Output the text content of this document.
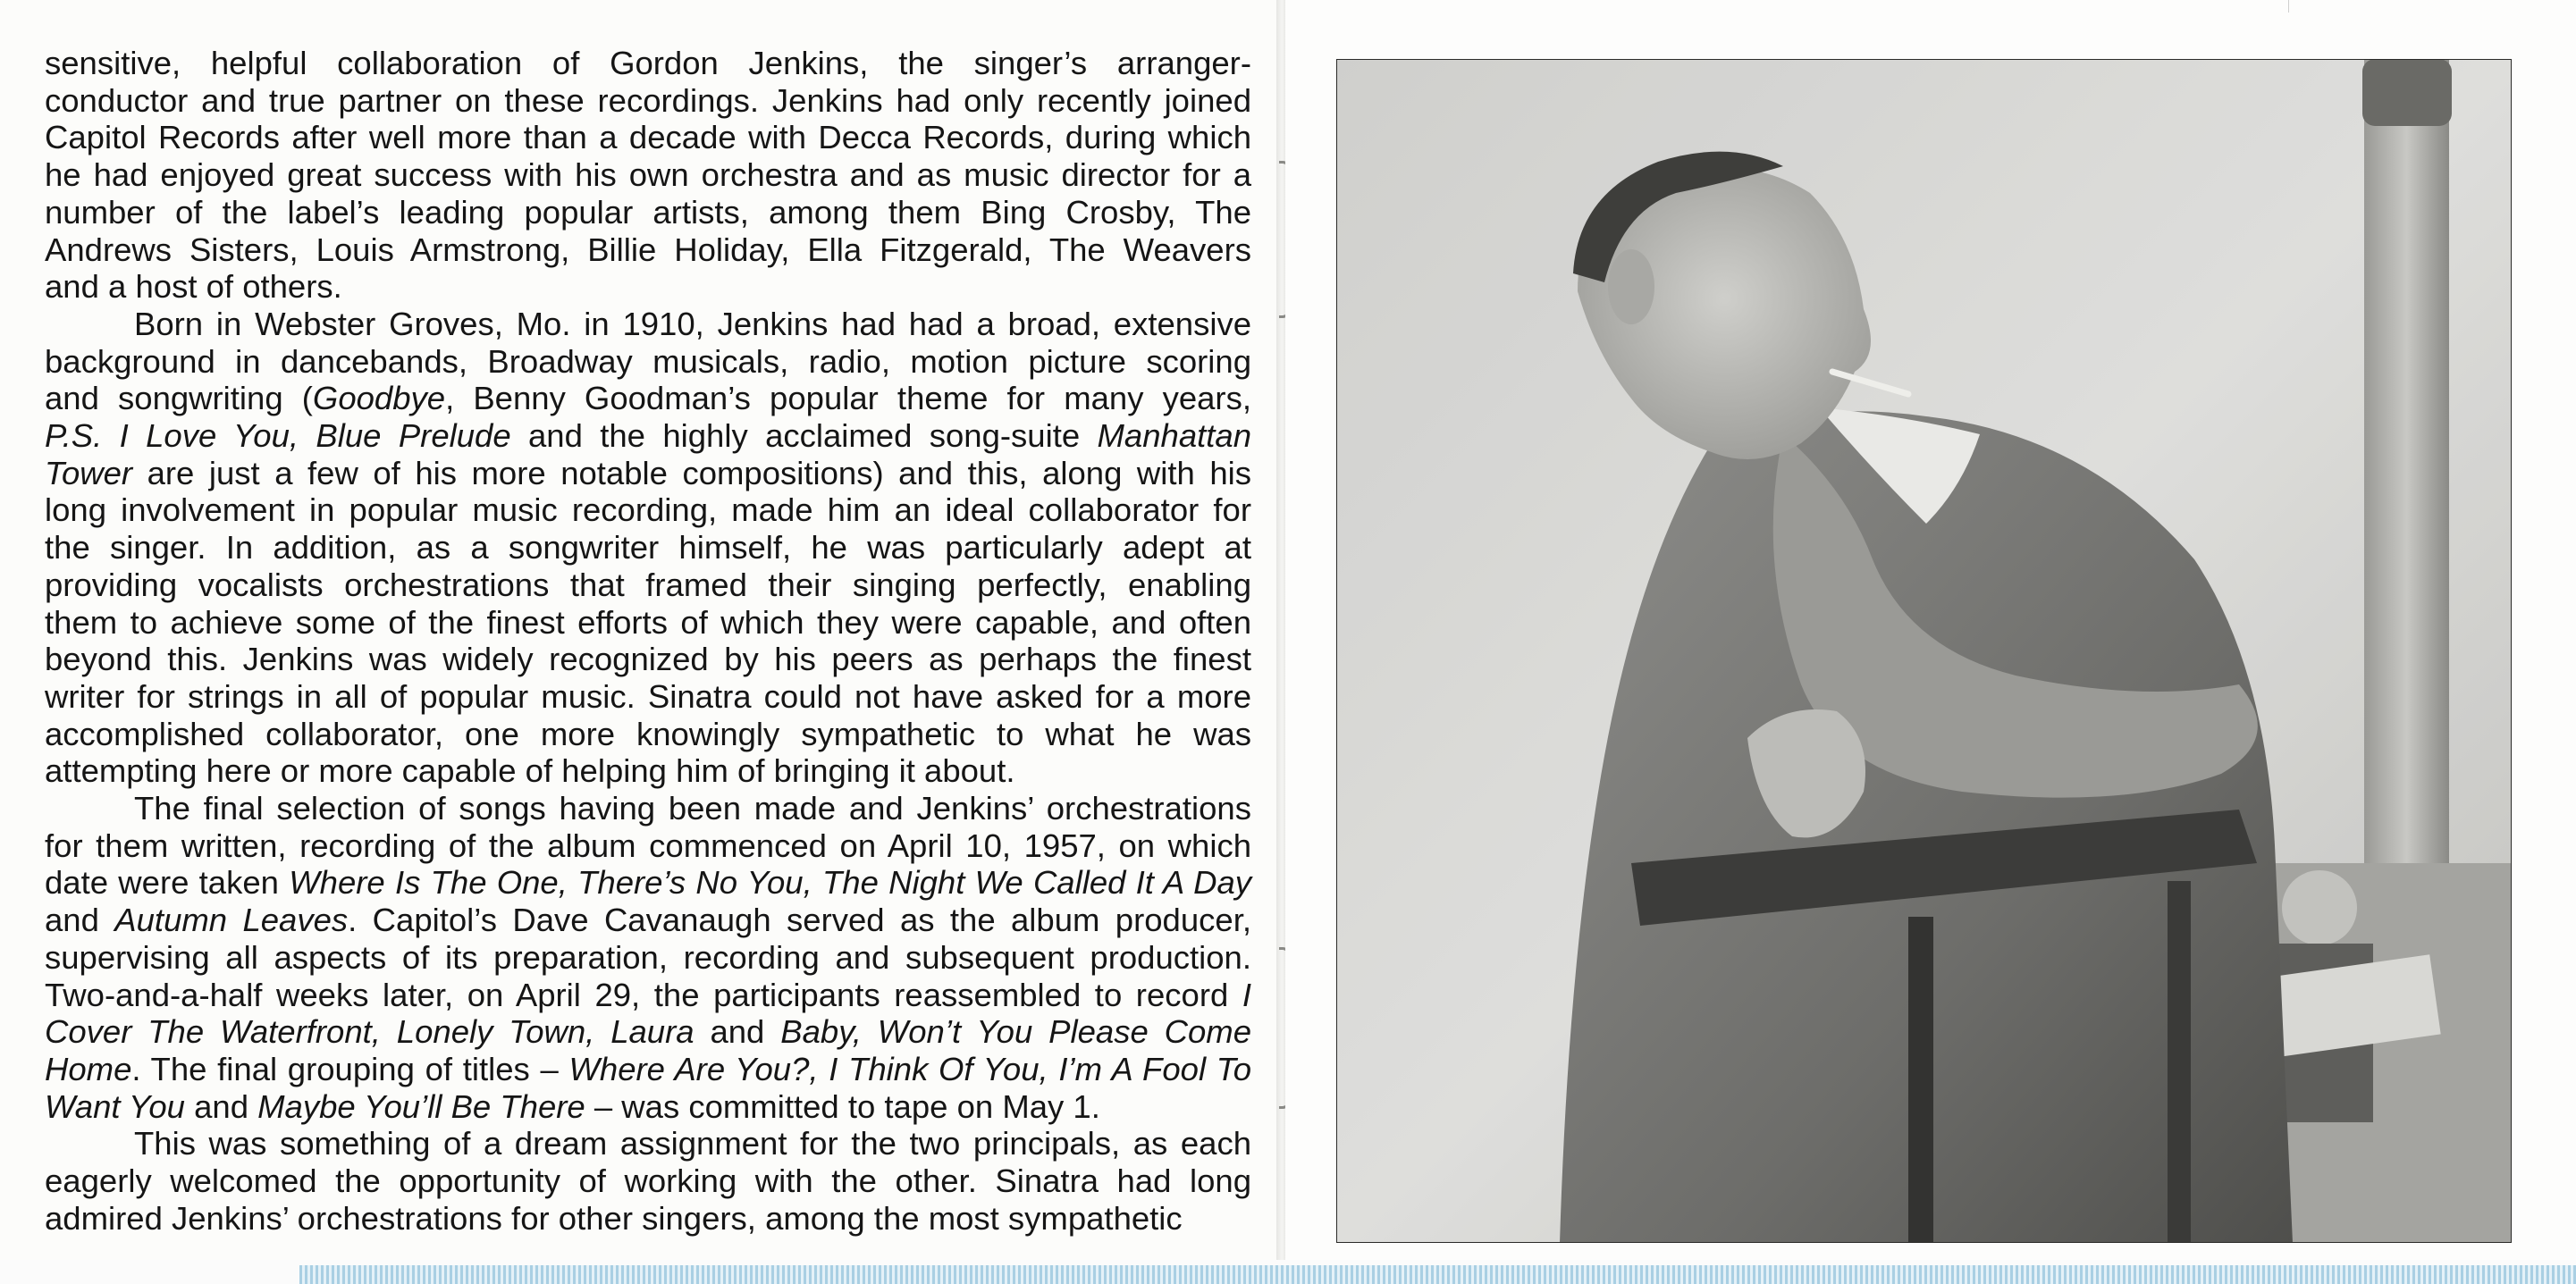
sensitive, helpful collaboration of Gordon Jenkins, the singer’s arranger-
conductor and true partner on these recordings. Jenkins had only recently joined
Capitol Records after well more than a decade with Decca Records, during which
he had enjoyed great success with his own orchestra and as music director for a
number of the label’s leading popular artists, among them Bing Crosby, The
Andrews Sisters, Louis Armstrong, Billie Holiday, Ella Fitzgerald, The Weavers
and a host of others.
Born in Webster Groves, Mo. in 1910, Jenkins had had a broad, extensive
background in dancebands, Broadway musicals, radio, motion picture scoring
and songwriting (Goodbye, Benny Goodman’s popular theme for many years,
P.S. I Love You, Blue Prelude and the highly acclaimed song-suite Manhattan
Tower are just a few of his more notable compositions) and this, along with his
long involvement in popular music recording, made him an ideal collaborator for
the singer. In addition, as a songwriter himself, he was particularly adept at
providing vocalists orchestrations that framed their singing perfectly, enabling
them to achieve some of the finest efforts of which they were capable, and often
beyond this. Jenkins was widely recognized by his peers as perhaps the finest
writer for strings in all of popular music. Sinatra could not have asked for a more
accomplished collaborator, one more knowingly sympathetic to what he was
attempting here or more capable of helping him of bringing it about.
The final selection of songs having been made and Jenkins’ orchestrations
for them written, recording of the album commenced on April 10, 1957, on which
date were taken Where Is The One, There’s No You, The Night We Called It A Day
and Autumn Leaves. Capitol’s Dave Cavanaugh served as the album producer,
supervising all aspects of its preparation, recording and subsequent production.
Two-and-a-half weeks later, on April 29, the participants reassembled to record I
Cover The Waterfront, Lonely Town, Laura and Baby, Won’t You Please Come
Home. The final grouping of titles – Where Are You?, I Think Of You, I’m A Fool To
Want You and Maybe You’ll Be There – was committed to tape on May 1.
This was something of a dream assignment for the two principals, as each
eagerly welcomed the opportunity of working with the other. Sinatra had long
admired Jenkins’ orchestrations for other singers, among the most sympathetic
